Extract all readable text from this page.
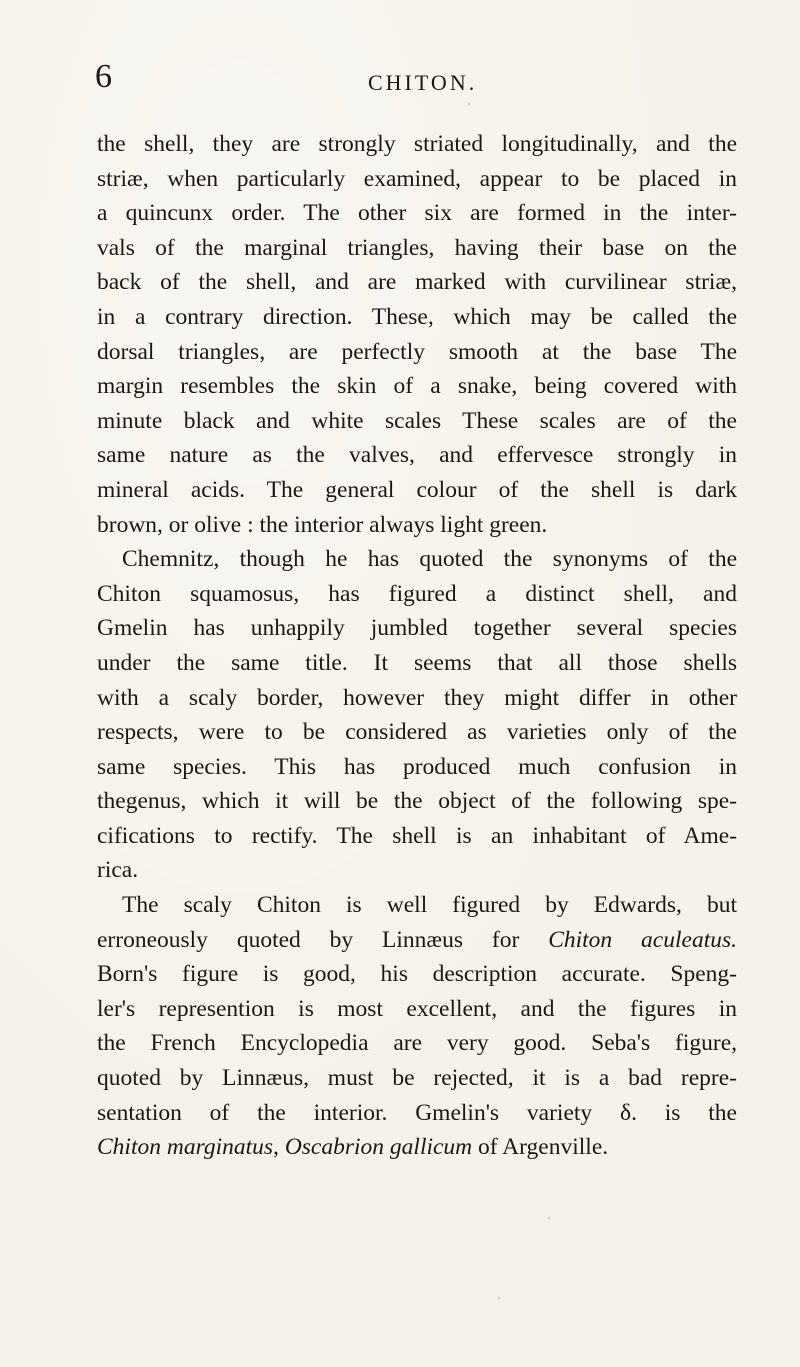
6	CHITON.
the shell, they are strongly striated longitudinally, and the
striæ, when particularly examined, appear to be placed in
a quincunx order. The other six are formed in the inter-
vals of the marginal triangles, having their base on the
back of the shell, and are marked with curvilinear striæ,
in a contrary direction. These, which may be called the
dorsal triangles, are perfectly smooth at the base The
margin resembles the skin of a snake, being covered with
minute black and white scales These scales are of the
same nature as the valves, and effervesce strongly in
mineral acids. The general colour of the shell is dark
brown, or olive : the interior always light green.
Chemnitz, though he has quoted the synonyms of the
Chiton squamosus, has figured a distinct shell, and
Gmelin has unhappily jumbled together several species
under the same title. It seems that all those shells
with a scaly border, however they might differ in other
respects, were to be considered as varieties only of the
same species. This has produced much confusion in
thegenus, which it will be the object of the following spe-
cifications to rectify. The shell is an inhabitant of Ame-
rica.
The scaly Chiton is well figured by Edwards, but
erroneously quoted by Linnæus for Chiton aculeatus.
Born's figure is good, his description accurate. Speng-
ler's represention is most excellent, and the figures in
the French Encyclopedia are very good. Seba's figure,
quoted by Linnæus, must be rejected, it is a bad repre-
sentation of the interior. Gmelin's variety δ. is the
Chiton marginatus, Oscabrion gallicum of Argenville.
